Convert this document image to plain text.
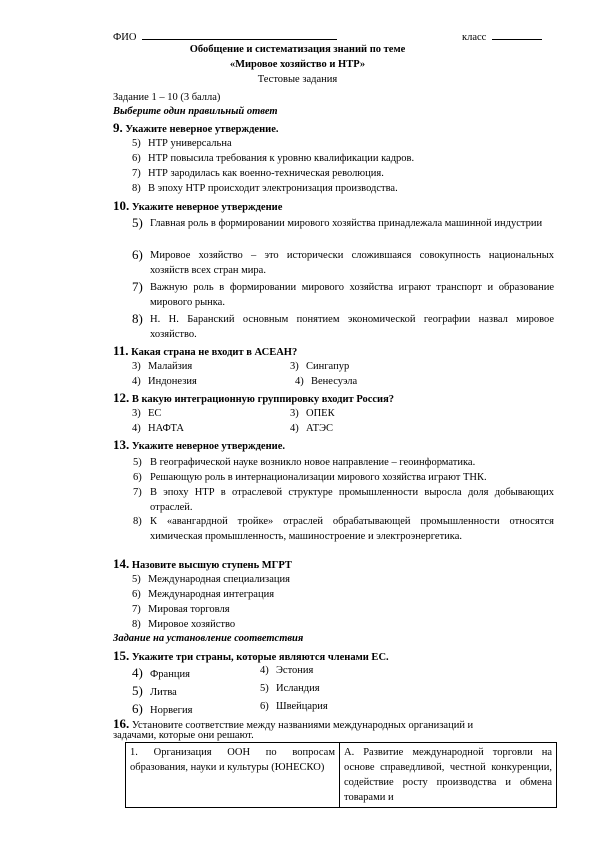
ФИО	класс
Обобщение и систематизация знаний по теме
«Мировое хозяйство и НТР»
Тестовые задания
Задание 1 – 10 (3 балла)
Выберите один правильный ответ
9. Укажите неверное утверждение.
5) НТР универсальна
6) НТР повысила требования к уровню квалификации кадров.
7) НТР зародилась как военно-техническая революция.
8) В эпоху НТР происходит электронизация производства.
10. Укажите неверное утверждение
5) Главная роль в формировании мирового хозяйства принадлежала машинной индустрии
6) Мировое хозяйство – это исторически сложившаяся совокупность национальных хозяйств всех стран мира.
7) Важную роль в формировании мирового хозяйства играют транспорт и образование мирового рынка.
8) Н. Н. Баранский основным понятием экономической географии назвал мировое хозяйство.
11. Какая страна не входит в АСЕАН?
3) Малайзия	3) Сингапур
4) Индонезия	4) Венесуэла
12. В какую интеграционную группировку входит Россия?
3) ЕС	3) ОПЕК
4) НАФТА	4) АТЭС
13. Укажите неверное утверждение.
5) В географической науке возникло новое направление – геоинформатика.
6) Решающую роль в интернационализации мирового хозяйства играют ТНК.
7) В эпоху НТР в отраслевой структуре промышленности выросла доля добывающих отраслей.
8) К «авангардной тройке» отраслей обрабатывающей промышленности относятся химическая промышленность, машиностроение и электроэнергетика.
14. Назовите высшую ступень МГРТ
5) Международная специализация
6) Международная интеграция
7) Мировая торговля
8) Мировое хозяйство
Задание на установление соответствия
15. Укажите три страны, которые являются членами ЕС.
4) Франция	4) Эстония
5) Литва	5) Исландия
6) Норвегия	6) Швейцария
16. Установите соответствие между названиями международных организаций и
задачами, которые они решают.
1. Организация ООН по вопросам образования, науки и культуры (ЮНЕСКО)	А. Развитие международной торговли на основе справедливой, честной конкуренции, содействие росту производства и обмена товарами и
